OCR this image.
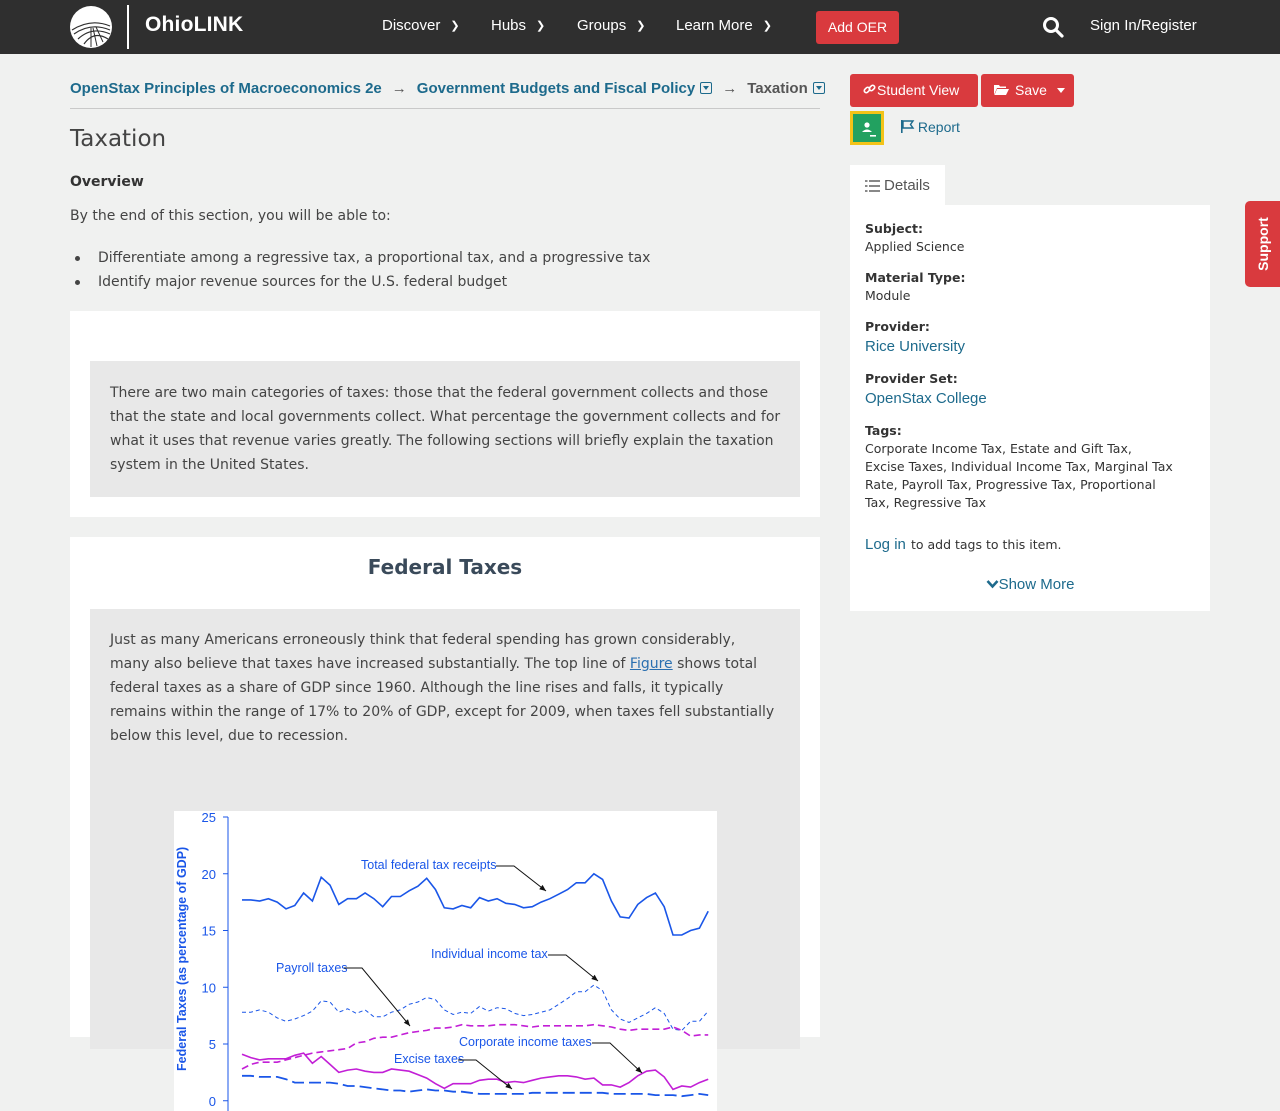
OhioLINK	Discover ❯ Hubs ❯ Groups ❯ Learn More ❯	Add OER	Sign In/Register
OpenStax Principles of Macroeconomics 2e → Government Budgets and Fiscal Policy → Taxation
Taxation
Overview
By the end of this section, you will be able to:
Differentiate among a regressive tax, a proportional tax, and a progressive tax
Identify major revenue sources for the U.S. federal budget

There are two main categories of taxes: those that the federal government collects and those that the state and local governments collect. What percentage the government collects and for what it uses that revenue varies greatly. The following sections will briefly explain the taxation system in the United States.

Federal Taxes

Just as many Americans erroneously think that federal spending has grown considerably, many also believe that taxes have increased substantially. The top line of Figure shows total federal taxes as a share of GDP since 1960. Although the line rises and falls, it typically remains within the range of 17% to 20% of GDP, except for 2009, when taxes fell substantially below this level, due to recession.

25
20
15
10
5
0
Federal Taxes (as percentage of GDP)	Total federal tax receipts
Individual income tax
Payroll taxes
Corporate income taxes
Excise taxes
Student View	Save
Report
Details
Subject:
Applied Science
Material Type:
Module
Provider:
Rice University
Provider Set:
OpenStax College
Tags:
Corporate Income Tax, Estate and Gift Tax, Excise Taxes, Individual Income Tax, Marginal Tax Rate, Payroll Tax, Progressive Tax, Proportional Tax, Regressive Tax
Log in to add tags to this item.
Show More
Support
